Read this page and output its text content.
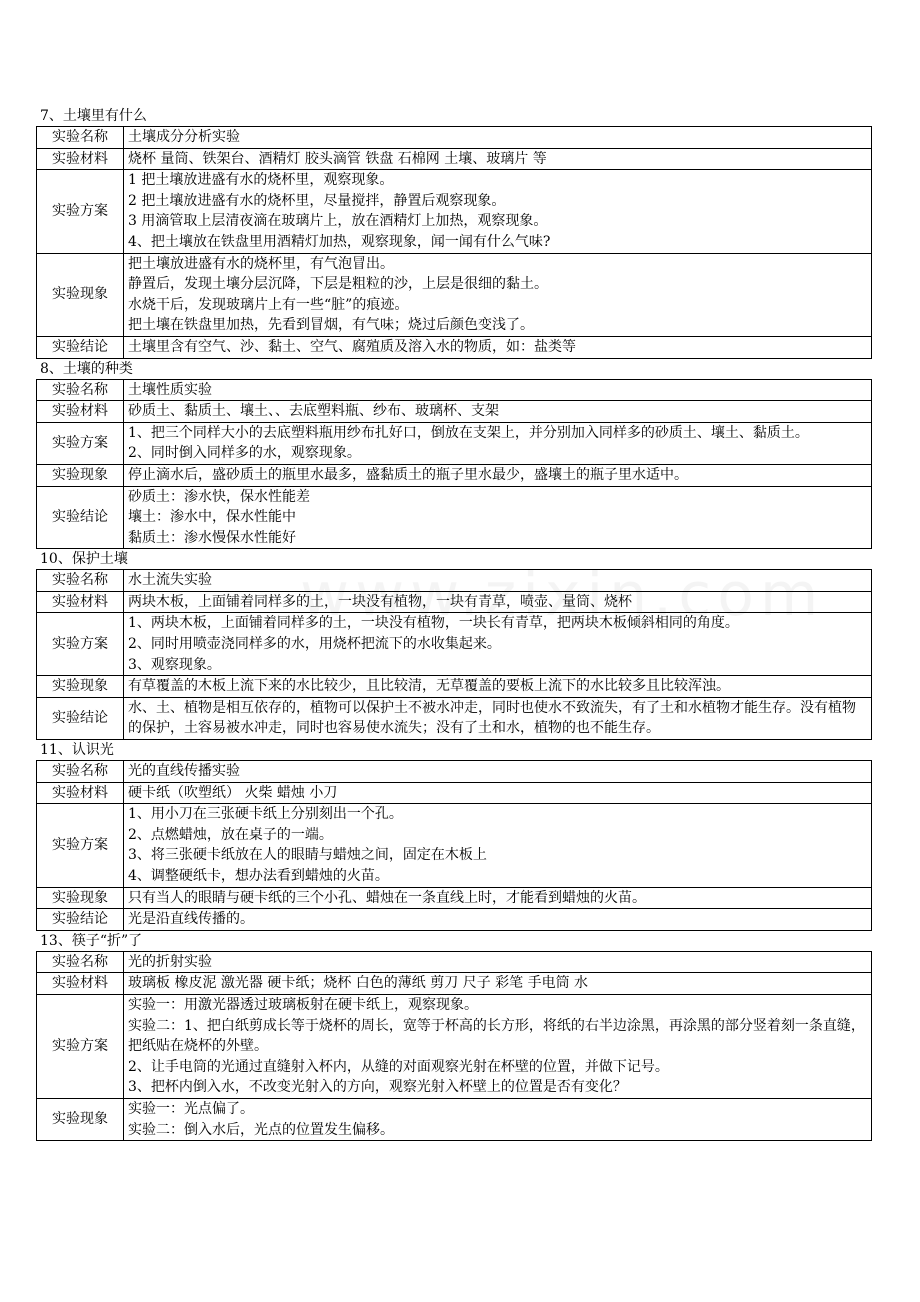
7、土壤里有什么
实验名称	土壤成分分析实验

实验材料	烧杯 量筒、铁架台、酒精灯 胶头滴管 铁盘 石棉网 土壤、玻璃片 等

实验方案	1 把土壤放进盛有水的烧杯里，观察现象。
2 把土壤放进盛有水的烧杯里，尽量搅拌，静置后观察现象。
3 用滴管取上层清夜滴在玻璃片上，放在酒精灯上加热，观察现象。
4、把土壤放在铁盘里用酒精灯加热，观察现象，闻一闻有什么气味?

实验现象	把土壤放进盛有水的烧杯里，有气泡冒出。
静置后，发现土壤分层沉降，下层是粗粒的沙，上层是很细的黏土。
水烧干后，发现玻璃片上有一些“脏”的痕迹。
把土壤在铁盘里加热，先看到冒烟，有气味；烧过后颜色变浅了。

实验结论	土壤里含有空气、沙、黏土、空气、腐殖质及溶入水的物质，如：盐类等
8、土壤的种类
实验名称	土壤性质实验

实验材料	砂质土、黏质土、壤土、、去底塑料瓶、纱布、玻璃杯、支架

实验方案	1、把三个同样大小的去底塑料瓶用纱布扎好口，倒放在支架上，并分别加入同样多的砂质土、壤土、黏质土。
2、同时倒入同样多的水，观察现象。

实验现象	停止滴水后，盛砂质土的瓶里水最多，盛黏质土的瓶子里水最少，盛壤土的瓶子里水适中。

实验结论	砂质土：渗水快，保水性能差
壤土：渗水中，保水性能中
黏质土：渗水慢保水性能好
10、保护土壤
实验名称	水土流失实验

实验材料	两块木板，上面铺着同样多的土，一块没有植物，一块有青草，喷壶、量筒、烧杯

实验方案	1、两块木板，上面铺着同样多的土，一块没有植物，一块长有青草，把两块木板倾斜相同的角度。
2、同时用喷壶浇同样多的水，用烧杯把流下的水收集起来。
3、观察现象。

实验现象	有草覆盖的木板上流下来的水比较少，且比较清，无草覆盖的要板上流下的水比较多且比较浑浊。

实验结论	水、土、植物是相互依存的，植物可以保护土不被水冲走，同时也使水不致流失，有了土和水植物才能生存。没有植物的保护，土容易被水冲走，同时也容易使水流失；没有了土和水，植物的也不能生存。
11、认识光
实验名称	光的直线传播实验

实验材料	硬卡纸（吹塑纸） 火柴 蜡烛 小刀

实验方案	1、用小刀在三张硬卡纸上分别刻出一个孔。
2、点燃蜡烛，放在桌子的一端。
3、将三张硬卡纸放在人的眼睛与蜡烛之间，固定在木板上
4、调整硬纸卡，想办法看到蜡烛的火苗。

实验现象	只有当人的眼睛与硬卡纸的三个小孔、蜡烛在一条直线上时，才能看到蜡烛的火苗。

实验结论	光是沿直线传播的。
13、筷子“折”了
实验名称	光的折射实验

实验材料	玻璃板 橡皮泥 激光器 硬卡纸；烧杯 白色的薄纸 剪刀 尺子 彩笔 手电筒 水

实验方案	实验一：用激光器透过玻璃板射在硬卡纸上，观察现象。
实验二：1、把白纸剪成长等于烧杯的周长，宽等于杯高的长方形，将纸的右半边涂黑，再涂黑的部分竖着刻一条直缝，把纸贴在烧杯的外壁。
2、让手电筒的光通过直缝射入杯内，从缝的对面观察光射在杯壁的位置，并做下记号。
3、把杯内倒入水，不改变光射入的方向，观察光射入杯壁上的位置是否有变化？

实验现象	实验一：光点偏了。
实验二：倒入水后，光点的位置发生偏移。
